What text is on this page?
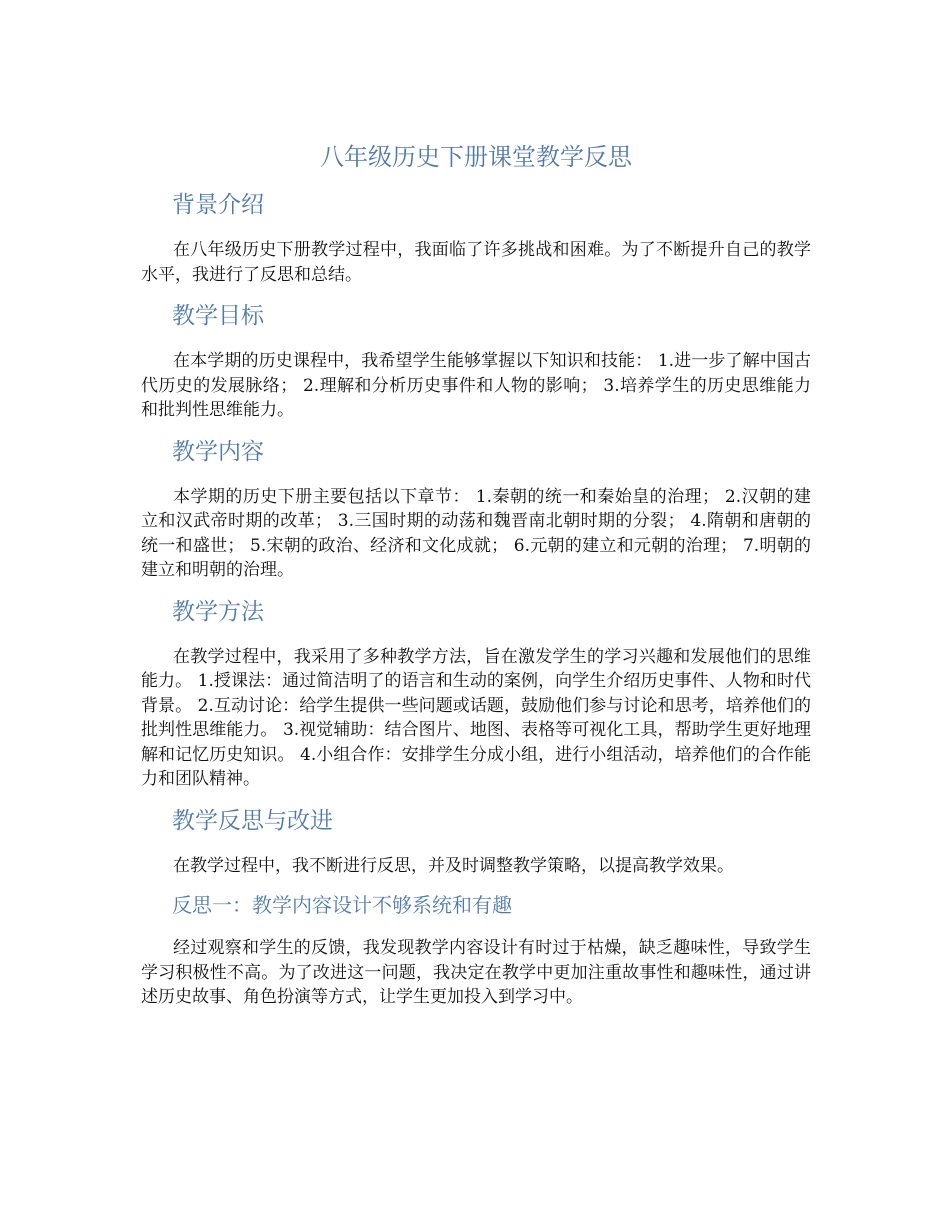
八年级历史下册课堂教学反思
背景介绍

在八年级历史下册教学过程中，我面临了许多挑战和困难。为了不断提升自己的教学水平，我进行了反思和总结。

教学目标

在本学期的历史课程中，我希望学生能够掌握以下知识和技能： 1.进一步了解中国古代历史的发展脉络； 2.理解和分析历史事件和人物的影响； 3.培养学生的历史思维能力和批判性思维能力。

教学内容

本学期的历史下册主要包括以下章节： 1.秦朝的统一和秦始皇的治理； 2.汉朝的建立和汉武帝时期的改革； 3.三国时期的动荡和魏晋南北朝时期的分裂； 4.隋朝和唐朝的统一和盛世； 5.宋朝的政治、经济和文化成就； 6.元朝的建立和元朝的治理； 7.明朝的建立和明朝的治理。

教学方法

在教学过程中，我采用了多种教学方法，旨在激发学生的学习兴趣和发展他们的思维能力。 1.授课法：通过简洁明了的语言和生动的案例，向学生介绍历史事件、人物和时代背景。 2.互动讨论：给学生提供一些问题或话题，鼓励他们参与讨论和思考，培养他们的批判性思维能力。 3.视觉辅助：结合图片、地图、表格等可视化工具，帮助学生更好地理解和记忆历史知识。 4.小组合作：安排学生分成小组，进行小组活动，培养他们的合作能力和团队精神。

教学反思与改进

在教学过程中，我不断进行反思，并及时调整教学策略，以提高教学效果。

反思一：教学内容设计不够系统和有趣

经过观察和学生的反馈，我发现教学内容设计有时过于枯燥，缺乏趣味性，导致学生学习积极性不高。为了改进这一问题，我决定在教学中更加注重故事性和趣味性，通过讲述历史故事、角色扮演等方式，让学生更加投入到学习中。
